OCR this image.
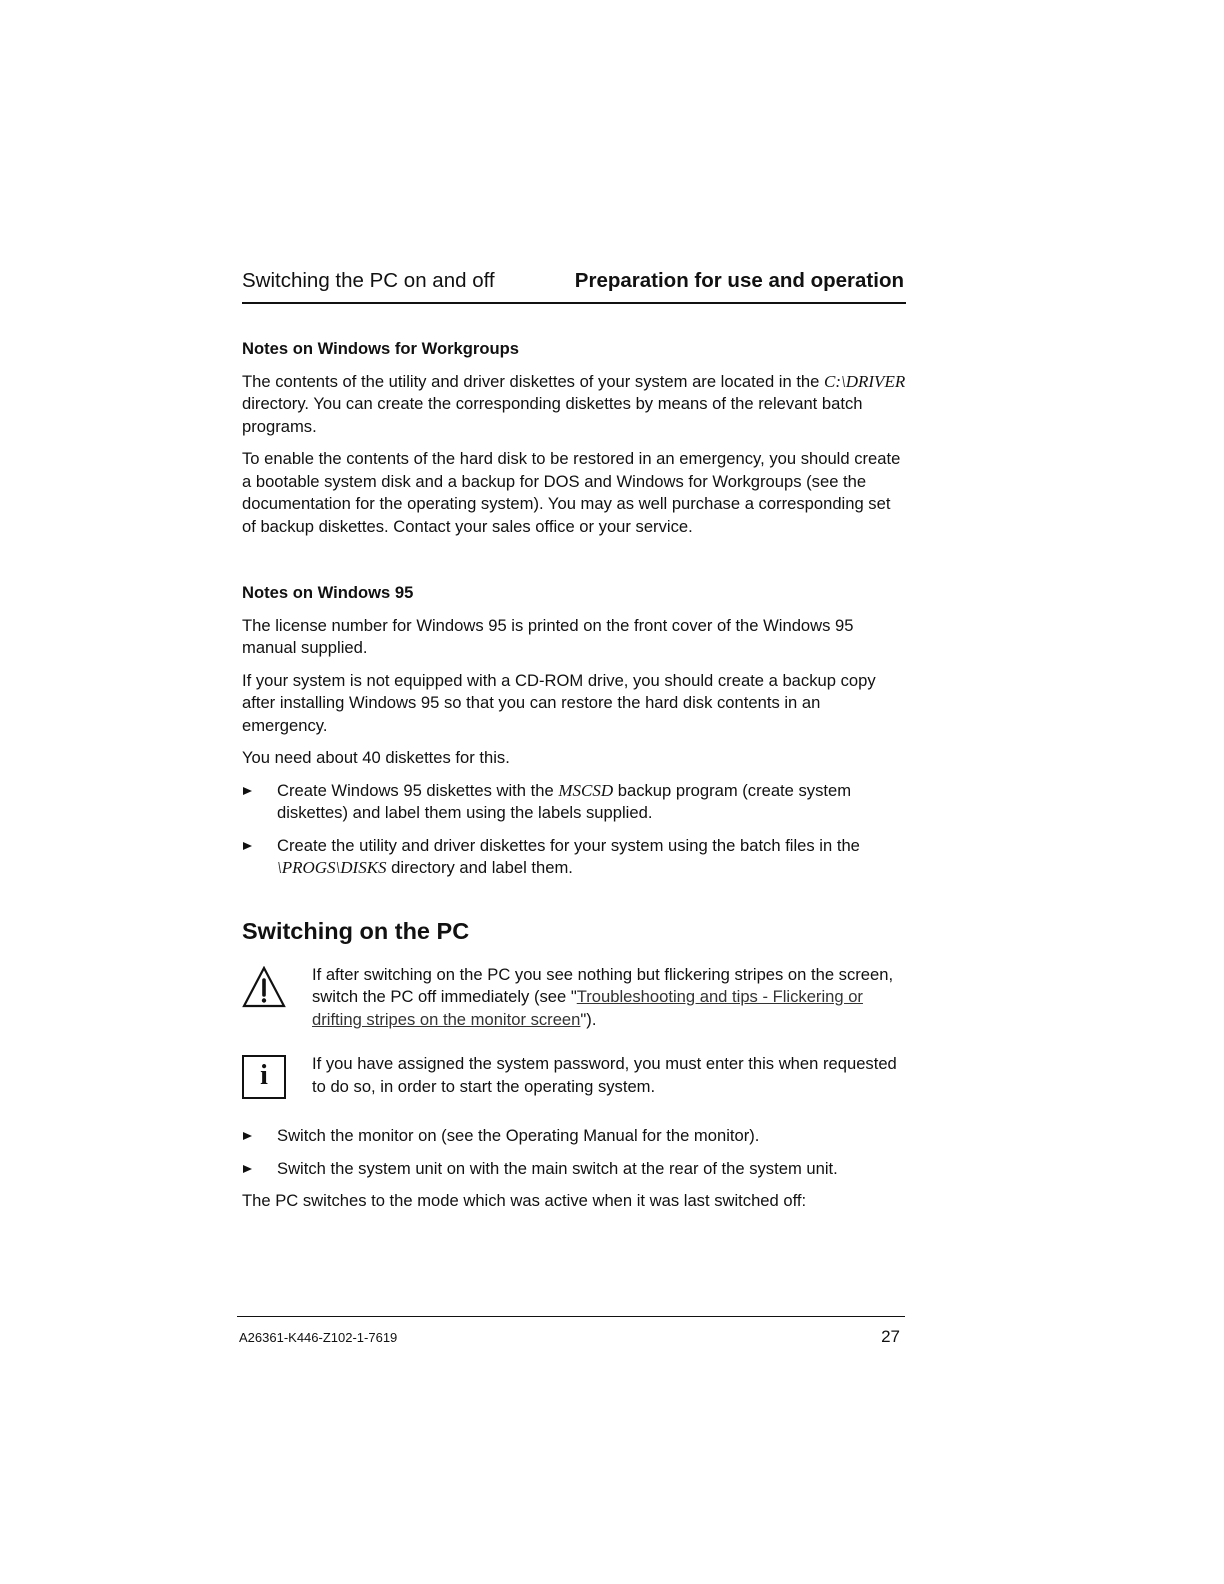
Switching the PC on and off	Preparation for use and operation
Notes on Windows for Workgroups

The contents of the utility and driver diskettes of your system are located in the C:\DRIVER directory. You can create the corresponding diskettes by means of the relevant batch programs.

To enable the contents of the hard disk to be restored in an emergency, you should create a bootable system disk and a backup for DOS and Windows for Workgroups (see the documentation for the operating system). You may as well purchase a corresponding set of backup diskettes. Contact your sales office or your service.

Notes on Windows 95

The license number for Windows 95 is printed on the front cover of the Windows 95 manual supplied.

If your system is not equipped with a CD-ROM drive, you should create a backup copy after installing Windows 95 so that you can restore the hard disk contents in an emergency.

You need about 40 diskettes for this.

Create Windows 95 diskettes with the MSCSD backup program (create system diskettes) and label them using the labels supplied.
Create the utility and driver diskettes for your system using the batch files in the \PROGS\DISKS directory and label them.
Switching on the PC
If after switching on the PC you see nothing but flickering stripes on the screen, switch the PC off immediately (see "Troubleshooting and tips - Flickering or drifting stripes on the monitor screen").
i	If you have assigned the system password, you must enter this when requested to do so, in order to start the operating system.
Switch the monitor on (see the Operating Manual for the monitor).
Switch the system unit on with the main switch at the rear of the system unit.

The PC switches to the mode which was active when it was last switched off:

A26361-K446-Z102-1-7619	27
